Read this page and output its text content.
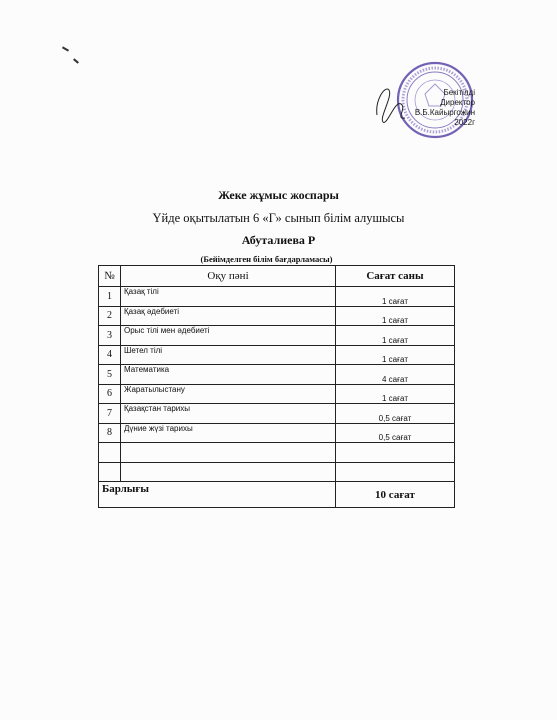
Бекітілді
Директор
В.Б.Кайыргожин
2022г
Жеке жұмыс жоспары
Үйде оқытылатын 6 «Г» сынып білім алушысы
Абуталиева Р
(Бейімделген білім бағдарламасы)
№	Оқу пәні	Сағат саны
1	Қазақ тілі	1 сағат
2	Қазақ әдебиеті	1 сағат
3	Орыс тілі мен әдебиеті	1 сағат
4	Шетел тілі	1 сағат
5	Математика	4 сағат
6	Жаратылыстану	1 сағат
7	Қазақстан тарихы	0,5 сағат
8	Дүние жүзі тарихы	0,5 сағат

Барлығы		10 сағат
